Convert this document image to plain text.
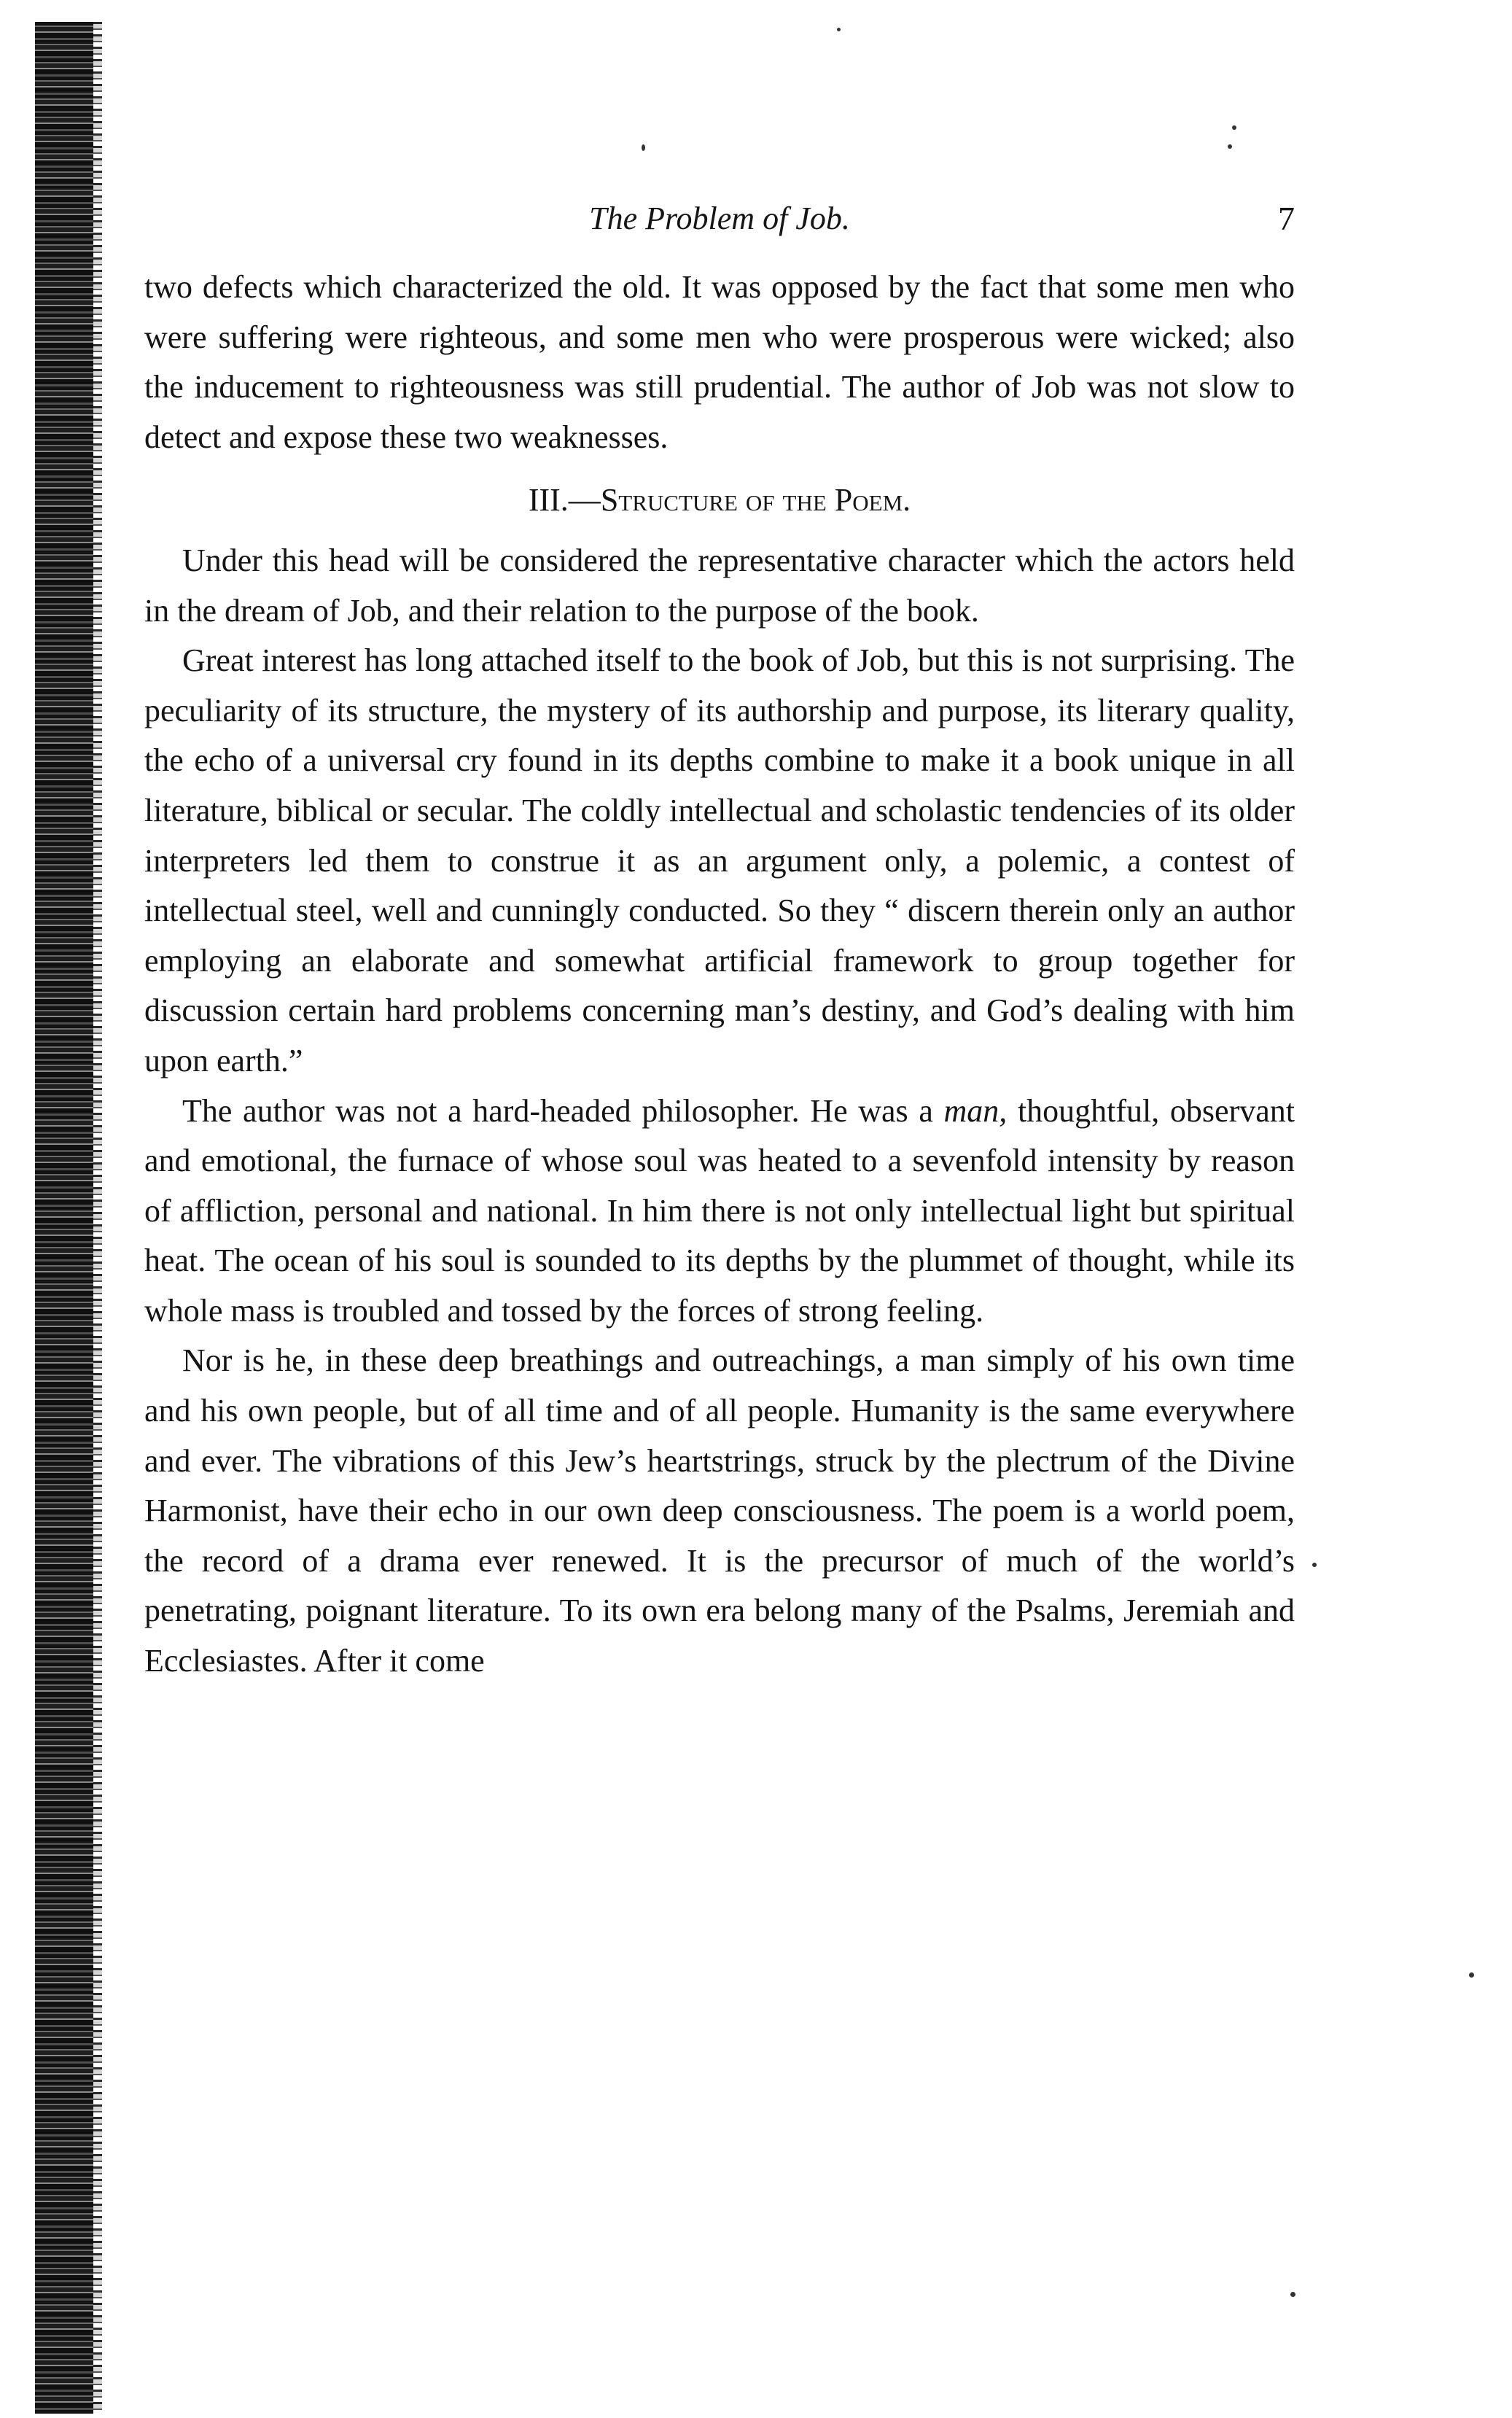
The Problem of Job.	7

two defects which characterized the old. It was opposed by the fact that some men who were suffering were righteous, and some men who were prosperous were wicked; also the inducement to righteousness was still prudential. The author of Job was not slow to detect and expose these two weaknesses.

III.—Structure of the Poem.

Under this head will be considered the representative character which the actors held in the dream of Job, and their relation to the purpose of the book.

Great interest has long attached itself to the book of Job, but this is not surprising. The peculiarity of its structure, the mystery of its authorship and purpose, its literary quality, the echo of a universal cry found in its depths combine to make it a book unique in all literature, biblical or secular. The coldly intellectual and scholastic tendencies of its older interpreters led them to construe it as an argument only, a polemic, a contest of intellectual steel, well and cunningly conducted. So they “ discern therein only an author employing an elaborate and somewhat artificial framework to group together for discussion certain hard problems concerning man’s destiny, and God’s dealing with him upon earth.”

The author was not a hard-headed philosopher. He was a man, thoughtful, observant and emotional, the furnace of whose soul was heated to a sevenfold intensity by reason of affliction, personal and national. In him there is not only intellectual light but spiritual heat. The ocean of his soul is sounded to its depths by the plummet of thought, while its whole mass is troubled and tossed by the forces of strong feeling.

Nor is he, in these deep breathings and outreachings, a man simply of his own time and his own people, but of all time and of all people. Humanity is the same everywhere and ever. The vibrations of this Jew’s heartstrings, struck by the plectrum of the Divine Harmonist, have their echo in our own deep consciousness. The poem is a world poem, the record of a drama ever renewed. It is the precursor of much of the world’s penetrating, poignant literature. To its own era belong many of the Psalms, Jeremiah and Ecclesiastes. After it come
